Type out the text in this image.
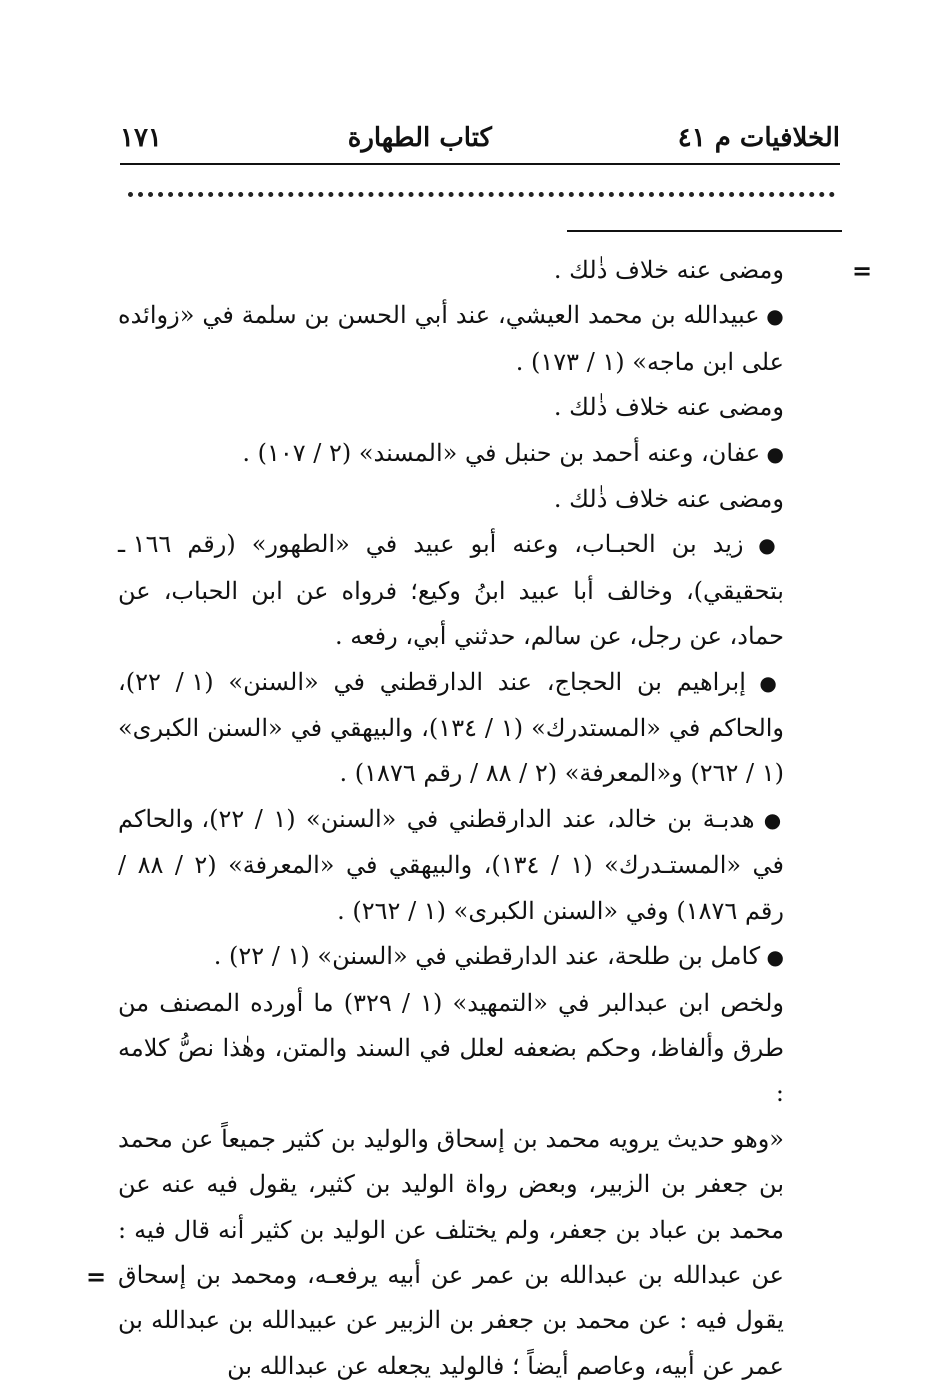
الخلافيات م ٤١
كتاب الطهارة
١٧١
=
=

ومضى عنه خلاف ذٰلك .

● عبيدالله بن محمد العيشي، عند أبي الحسن بن سلمة في «زوائده على ابن ماجه» (١ / ١٧٣) .

ومضى عنه خلاف ذٰلك .

● عفان، وعنه أحمد بن حنبل في «المسند» (٢ / ١٠٧) .

ومضى عنه خلاف ذٰلك .

● زيد بن الحبـاب، وعنه أبو عبيد في «الطهور» (رقم ١٦٦ ـ بتحقيقي)، وخالف أبا عبيد ابنُ وكيع؛ فرواه عن ابن الحباب، عن حماد، عن رجل، عن سالم، حدثني أبي، رفعه .

● إبراهيم بن الحجاج، عند الدارقطني في «السنن» (١ / ٢٢)، والحاكم في «المستدرك» (١ / ١٣٤)، والبيهقي في «السنن الكبرى» (١ / ٢٦٢) و«المعرفة» (٢ / ٨٨ / رقم ١٨٧٦) .

● هدبـة بن خالد، عند الدارقطني في «السنن» (١ / ٢٢)، والحاكم في «المستـدرك» (١ / ١٣٤)، والبيهقي في «المعرفة» (٢ / ٨٨ / رقم ١٨٧٦) وفي «السنن الكبرى» (١ / ٢٦٢) .

● كامل بن طلحة، عند الدارقطني في «السنن» (١ / ٢٢) .

ولخص ابن عبدالبر في «التمهيد» (١ / ٣٢٩) ما أورده المصنف من طرق وألفاظ، وحكم بضعفه لعلل في السند والمتن، وهٰذا نصُّ كلامه :

«وهو حديث يرويه محمد بن إسحاق والوليد بن كثير جميعاً عن محمد بن جعفر بن الزبير، وبعض رواة الوليد بن كثير، يقول فيه عنه عن محمد بن عباد بن جعفر، ولم يختلف عن الوليد بن كثير أنه قال فيه : عن عبدالله بن عبدالله بن عمر عن أبيه يرفعـه، ومحمد بن إسحاق يقول فيه : عن محمد بن جعفر بن الزبير عن عبيدالله بن عبدالله بن عمر عن أبيه، وعاصم أيضاً ؛ فالوليد يجعله عن عبدالله بن
